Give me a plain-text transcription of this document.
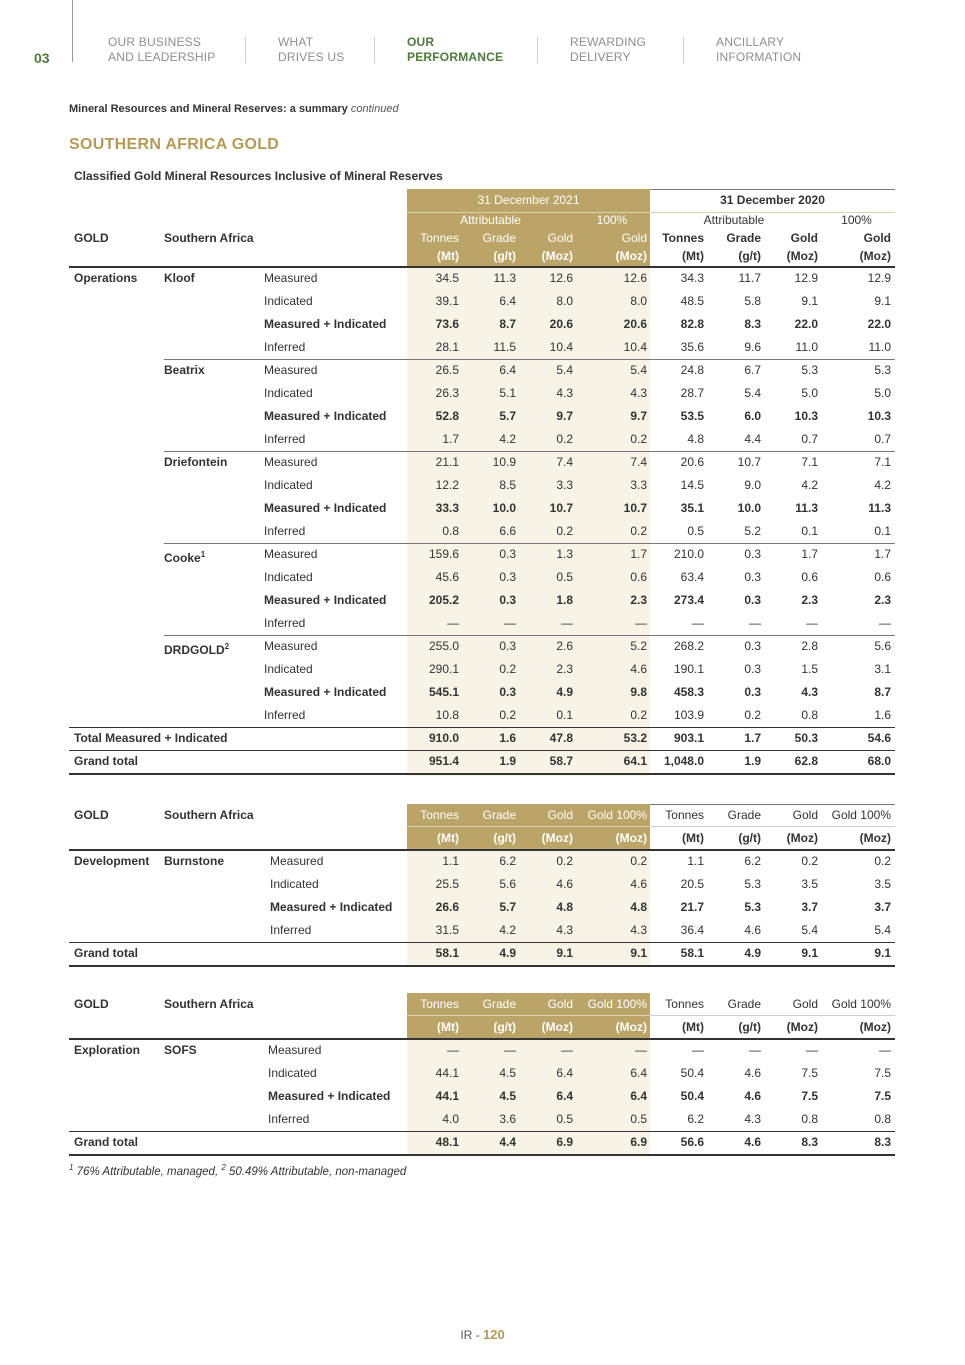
03
OUR BUSINESS
AND LEADERSHIP
WHAT
DRIVES US
OUR
PERFORMANCE
REWARDING
DELIVERY
ANCILLARY
INFORMATION
Mineral Resources and Mineral Reserves: a summary continued
SOUTHERN AFRICA GOLD
Classified Gold Mineral Resources Inclusive of Mineral Reserves
31 December 2021	31 December 2020
Attributable	100%	Attributable	100%
GOLD	Southern Africa	Tonnes	Grade	Gold	Gold	Tonnes	Grade	Gold	Gold
(Mt)	(g/t)	(Moz)	(Moz)	(Mt)	(g/t)	(Moz)	(Moz)
Operations Kloof	Measured	34.5	11.3	12.6	12.6	34.3	11.7	12.9	12.9
Indicated	39.1	6.4	8.0	8.0	48.5	5.8	9.1	9.1
Measured + Indicated	73.6	8.7	20.6	20.6	82.8	8.3	22.0	22.0
Inferred	28.1	11.5	10.4	10.4	35.6	9.6	11.0	11.0
Beatrix	Measured	26.5	6.4	5.4	5.4	24.8	6.7	5.3	5.3
Indicated	26.3	5.1	4.3	4.3	28.7	5.4	5.0	5.0
Measured + Indicated	52.8	5.7	9.7	9.7	53.5	6.0	10.3	10.3
Inferred	1.7	4.2	0.2	0.2	4.8	4.4	0.7	0.7
Driefontein	Measured	21.1	10.9	7.4	7.4	20.6	10.7	7.1	7.1
Indicated	12.2	8.5	3.3	3.3	14.5	9.0	4.2	4.2
Measured + Indicated	33.3	10.0	10.7	10.7	35.1	10.0	11.3	11.3
Inferred	0.8	6.6	0.2	0.2	0.5	5.2	0.1	0.1
Cooke$^1$	Measured	159.6	0.3	1.3	1.7	210.0	0.3	1.7	1.7
Indicated	45.6	0.3	0.5	0.6	63.4	0.3	0.6	0.6
Measured + Indicated	205.2	0.3	1.8	2.3	273.4	0.3	2.3	2.3
Inferred	—	—	—	—	—	—	—	—
DRDGOLD$^2$	Measured	255.0	0.3	2.6	5.2	268.2	0.3	2.8	5.6
Indicated	290.1	0.2	2.3	4.6	190.1	0.3	1.5	3.1
Measured + Indicated	545.1	0.3	4.9	9.8	458.3	0.3	4.3	8.7
Inferred	10.8	0.2	0.1	0.2	103.9	0.2	0.8	1.6
Total Measured + Indicated	910.0	1.6	47.8	53.2	903.1	1.7	50.3	54.6
Grand total	951.4	1.9	58.7	64.1	1,048.0	1.9	62.8	68.0
GOLD	Southern Africa	Tonnes	Grade	Gold	Gold 100%	Tonnes	Grade	Gold	Gold 100%
(Mt)	(g/t)	(Moz)	(Moz)	(Mt)	(g/t)	(Moz)	(Moz)
Development Burnstone	Measured	1.1	6.2	0.2	0.2	1.1	6.2	0.2	0.2
Indicated	25.5	5.6	4.6	4.6	20.5	5.3	3.5	3.5
Measured + Indicated	26.6	5.7	4.8	4.8	21.7	5.3	3.7	3.7
Inferred	31.5	4.2	4.3	4.3	36.4	4.6	5.4	5.4
Grand total	58.1	4.9	9.1	9.1	58.1	4.9	9.1	9.1
GOLD	Southern Africa	Tonnes	Grade	Gold	Gold 100%	Tonnes	Grade	Gold	Gold 100%
(Mt)	(g/t)	(Moz)	(Moz)	(Mt)	(g/t)	(Moz)	(Moz)
Exploration SOFS	Measured	—	—	—	—	—	—	—	—
Indicated	44.1	4.5	6.4	6.4	50.4	4.6	7.5	7.5
Measured + Indicated	44.1	4.5	6.4	6.4	50.4	4.6	7.5	7.5
Inferred	4.0	3.6	0.5	0.5	6.2	4.3	0.8	0.8
Grand total	48.1	4.4	6.9	6.9	56.6	4.6	8.3	8.3
$^1$ 76% Attributable, managed, $^2$ 50.49% Attributable, non-managed
IR - 120
